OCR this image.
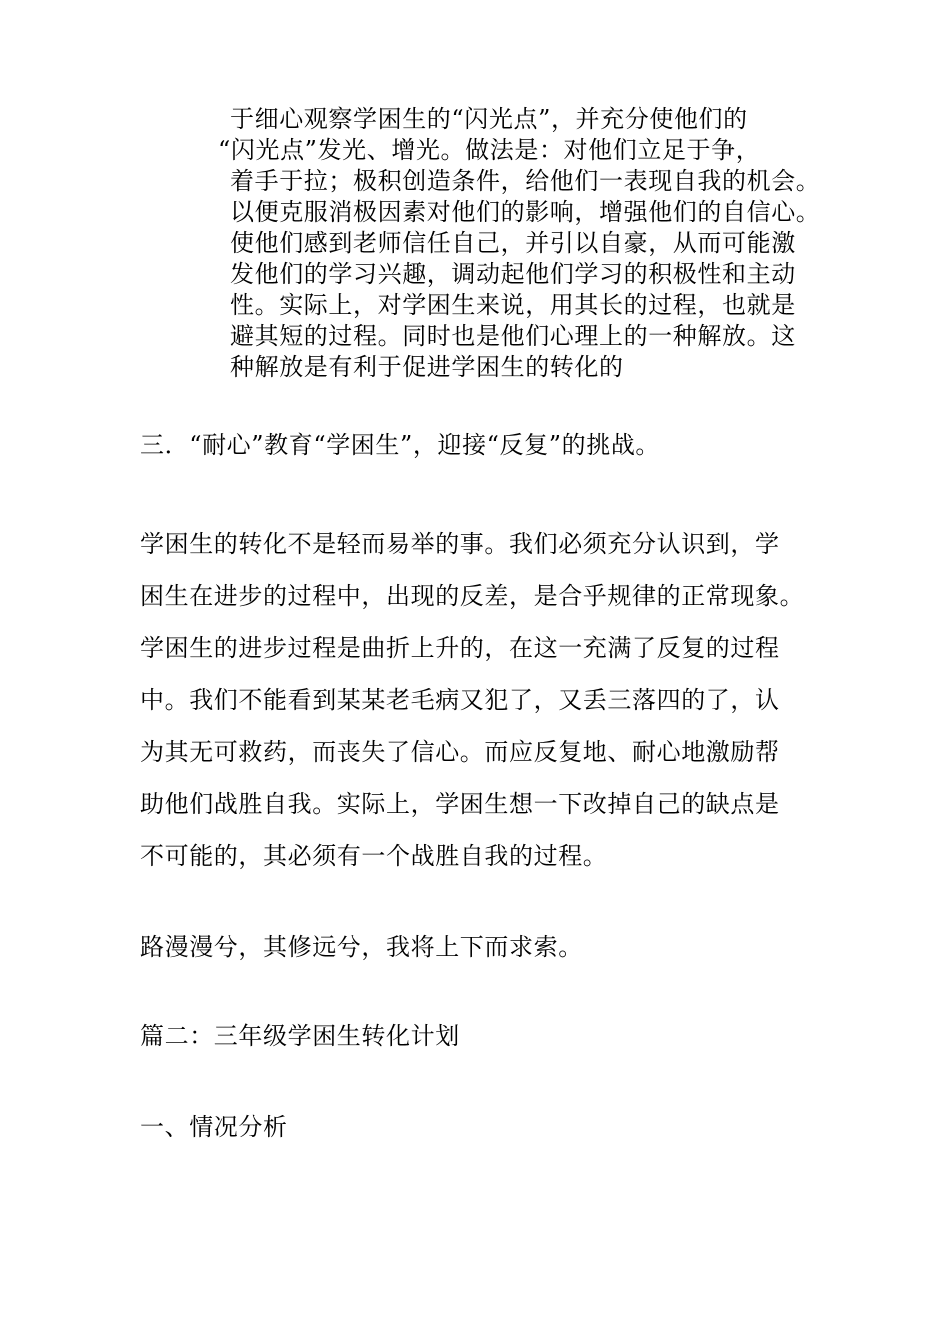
于细心观察学困生的“闪光点”，并充分使他们的
“闪光点”发光、增光。做法是：对他们立足于争，
着手于拉；极积创造条件，给他们一表现自我的机会。
以便克服消极因素对他们的影响，增强他们的自信心。
使他们感到老师信任自己，并引以自豪，从而可能激
发他们的学习兴趣，调动起他们学习的积极性和主动
性。实际上，对学困生来说，用其长的过程，也就是
避其短的过程。同时也是他们心理上的一种解放。这
种解放是有利于促进学困生的转化的
三．“耐心”教育“学困生”，迎接“反复”的挑战。
学困生的转化不是轻而易举的事。我们必须充分认识到，学
困生在进步的过程中，出现的反差，是合乎规律的正常现象。
学困生的进步过程是曲折上升的，在这一充满了反复的过程
中。我们不能看到某某老毛病又犯了，又丢三落四的了，认
为其无可救药，而丧失了信心。而应反复地、耐心地激励帮
助他们战胜自我。实际上，学困生想一下改掉自己的缺点是
不可能的，其必须有一个战胜自我的过程。
路漫漫兮，其修远兮，我将上下而求索。
篇二：三年级学困生转化计划
一、情况分析
